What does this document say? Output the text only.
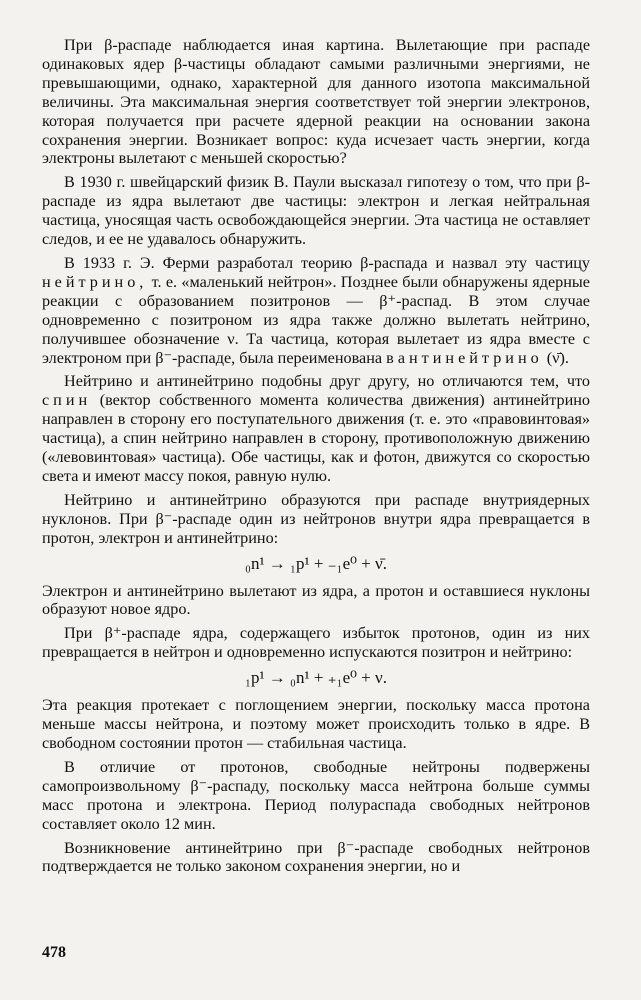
При β-распаде наблюдается иная картина. Вылетающие при распаде одинаковых ядер β-частицы обладают самыми различными энергиями, не превышающими, однако, характерной для данного изотопа максимальной величины. Эта максимальная энергия соответствует той энергии электронов, которая получается при расчете ядерной реакции на основании закона сохранения энергии. Возникает вопрос: куда исчезает часть энергии, когда электроны вылетают с меньшей скоростью?

В 1930 г. швейцарский физик В. Паули высказал гипотезу о том, что при β-распаде из ядра вылетают две частицы: электрон и легкая нейтральная частица, уносящая часть освобождающейся энергии. Эта частица не оставляет следов, и ее не удавалось обнаружить.

В 1933 г. Э. Ферми разработал теорию β-распада и назвал эту частицу нейтрино, т. е. «маленький нейтрон». Позднее были обнаружены ядерные реакции с образованием позитронов — β⁺-распад. В этом случае одновременно с позитроном из ядра также должно вылетать нейтрино, получившее обозначение ν. Та частица, которая вылетает из ядра вместе с электроном при β⁻-распаде, была переименована в антинейтрино (ν̄).

Нейтрино и антинейтрино подобны друг другу, но отличаются тем, что спин (вектор собственного момента количества движения) антинейтрино направлен в сторону его поступательного движения (т. е. это «правовинтовая» частица), а спин нейтрино направлен в сторону, противоположную движению («левовинтовая» частица). Обе частицы, как и фотон, движутся со скоростью света и имеют массу покоя, равную нулю.

Нейтрино и антинейтрино образуются при распаде внутриядерных нуклонов. При β⁻-распаде один из нейтронов внутри ядра превращается в протон, электрон и антинейтрино:

₀n¹ → ₁p¹ + ₋₁e⁰ + ν̄.

Электрон и антинейтрино вылетают из ядра, а протон и оставшиеся нуклоны образуют новое ядро.

При β⁺-распаде ядра, содержащего избыток протонов, один из них превращается в нейтрон и одновременно испускаются позитрон и нейтрино:

₁p¹ → ₀n¹ + ₊₁e⁰ + ν.

Эта реакция протекает с поглощением энергии, поскольку масса протона меньше массы нейтрона, и поэтому может происходить только в ядре. В свободном состоянии протон — стабильная частица.

В отличие от протонов, свободные нейтроны подвержены самопроизвольному β⁻-распаду, поскольку масса нейтрона больше суммы масс протона и электрона. Период полураспада свободных нейтронов составляет около 12 мин.

Возникновение антинейтрино при β⁻-распаде свободных нейтронов подтверждается не только законом сохранения энергии, но и

478
